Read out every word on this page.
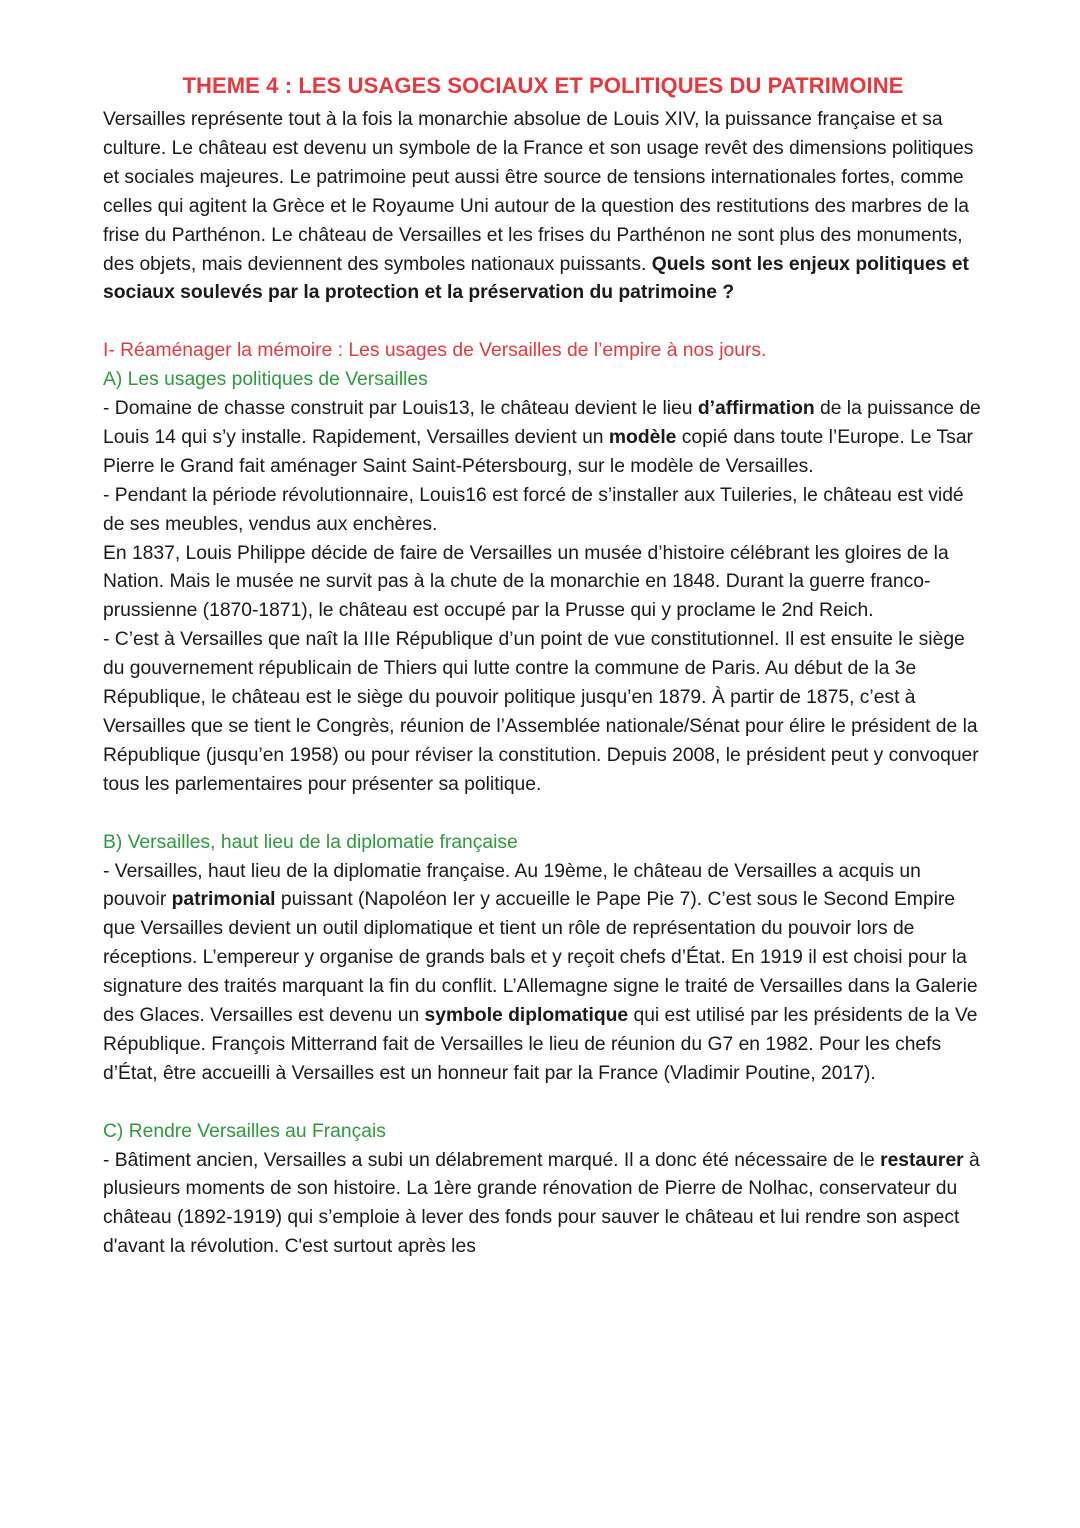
THEME 4 : LES USAGES SOCIAUX ET POLITIQUES DU PATRIMOINE

Versailles représente tout à la fois la monarchie absolue de Louis XIV, la puissance française et sa culture. Le château est devenu un symbole de la France et son usage revêt des dimensions politiques et sociales majeures. Le patrimoine peut aussi être source de tensions internationales fortes, comme celles qui agitent la Grèce et le Royaume Uni autour de la question des restitutions des marbres de la frise du Parthénon. Le château de Versailles et les frises du Parthénon ne sont plus des monuments, des objets, mais deviennent des symboles nationaux puissants. Quels sont les enjeux politiques et sociaux soulevés par la protection et la préservation du patrimoine ?

I- Réaménager la mémoire : Les usages de Versailles de l’empire à nos jours.

A) Les usages politiques de Versailles

- Domaine de chasse construit par Louis13, le château devient le lieu d’affirmation de la puissance de Louis 14 qui s’y installe. Rapidement, Versailles devient un modèle copié dans toute l’Europe. Le Tsar Pierre le Grand fait aménager Saint Saint-Pétersbourg, sur le modèle de Versailles.

- Pendant la période révolutionnaire, Louis16 est forcé de s’installer aux Tuileries, le château est vidé de ses meubles, vendus aux enchères.

En 1837, Louis Philippe décide de faire de Versailles un musée d’histoire célébrant les gloires de la Nation. Mais le musée ne survit pas à la chute de la monarchie en 1848. Durant la guerre franco-prussienne (1870-1871), le château est occupé par la Prusse qui y proclame le 2nd Reich.

- C’est à Versailles que naît la IIIe République d’un point de vue constitutionnel. Il est ensuite le siège du gouvernement républicain de Thiers qui lutte contre la commune de Paris. Au début de la 3e République, le château est le siège du pouvoir politique jusqu’en 1879. À partir de 1875, c’est à Versailles que se tient le Congrès, réunion de l’Assemblée nationale/Sénat pour élire le président de la République (jusqu’en 1958) ou pour réviser la constitution. Depuis 2008, le président peut y convoquer tous les parlementaires pour présenter sa politique.

B) Versailles, haut lieu de la diplomatie française

- Versailles, haut lieu de la diplomatie française. Au 19ème, le château de Versailles a acquis un pouvoir patrimonial puissant (Napoléon Ier y accueille le Pape Pie 7). C’est sous le Second Empire que Versailles devient un outil diplomatique et tient un rôle de représentation du pouvoir lors de réceptions. L’empereur y organise de grands bals et y reçoit chefs d’État. En 1919 il est choisi pour la signature des traités marquant la fin du conflit. L’Allemagne signe le traité de Versailles dans la Galerie des Glaces. Versailles est devenu un symbole diplomatique qui est utilisé par les présidents de la Ve République. François Mitterrand fait de Versailles le lieu de réunion du G7 en 1982. Pour les chefs d’État, être accueilli à Versailles est un honneur fait par la France (Vladimir Poutine, 2017).

C) Rendre Versailles au Français

- Bâtiment ancien, Versailles a subi un délabrement marqué. Il a donc été nécessaire de le restaurer à plusieurs moments de son histoire. La 1ère grande rénovation de Pierre de Nolhac, conservateur du château (1892-1919) qui s’emploie à lever des fonds pour sauver le château et lui rendre son aspect d'avant la révolution. C'est surtout après les
